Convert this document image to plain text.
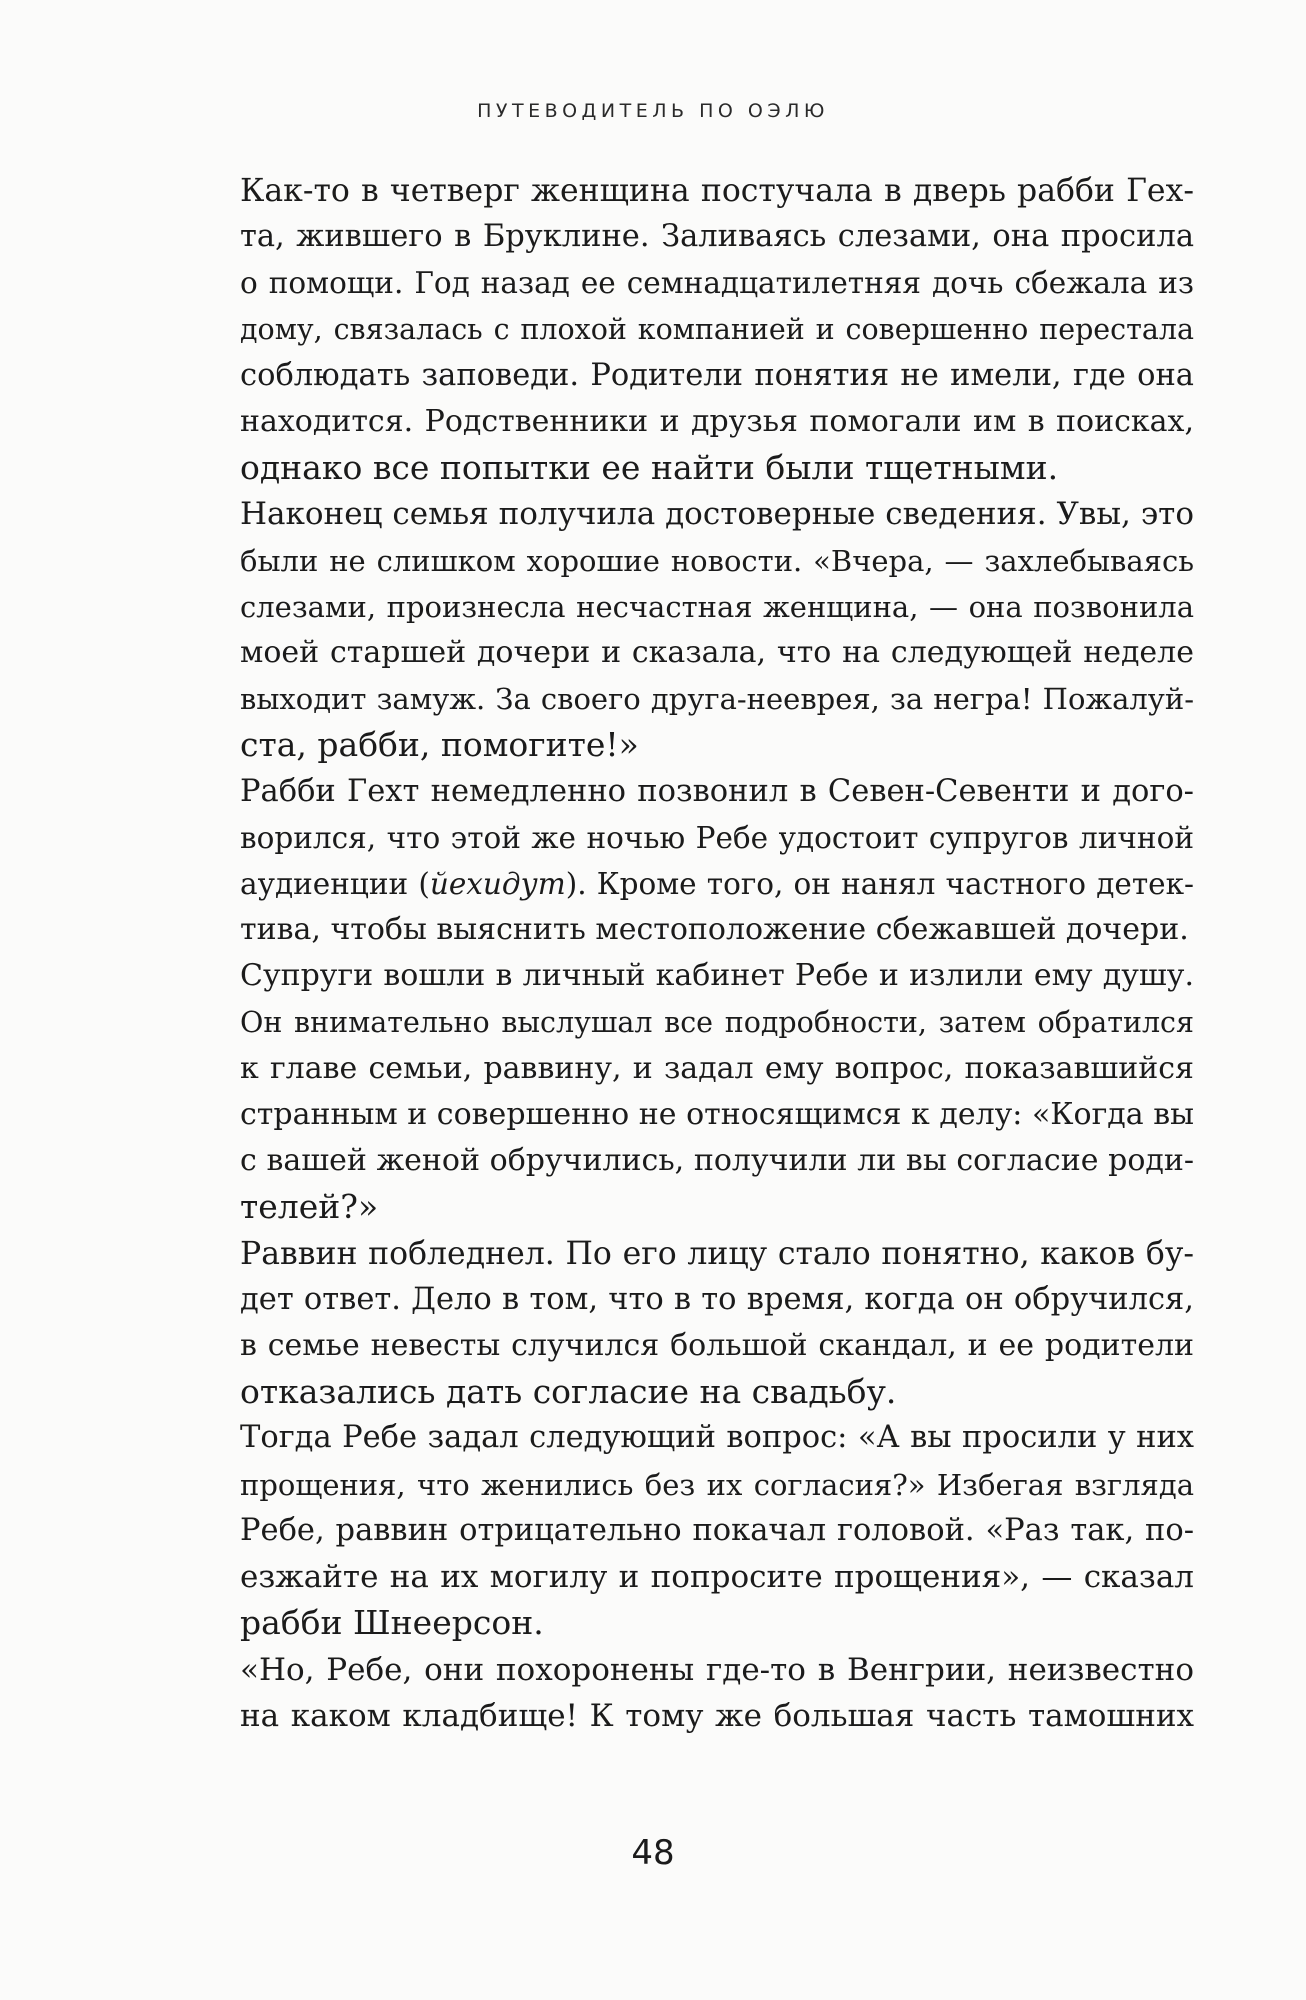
ПУТЕВОДИТЕЛЬ ПО ОЭЛЮ

Как-то в четверг женщина постучала в дверь рабби Гех-
та, жившего в Бруклине. Заливаясь слезами, она просила
о помощи. Год назад ее семнадцатилетняя дочь сбежала из
дому, связалась с плохой компанией и совершенно перестала
соблюдать заповеди. Родители понятия не имели, где она
находится. Родственники и друзья помогали им в поисках,
однако все попытки ее найти были тщетными.

Наконец семья получила достоверные сведения. Увы, это
были не слишком хорошие новости. «Вчера, — захлебываясь
слезами, произнесла несчастная женщина, — она позвонила
моей старшей дочери и сказала, что на следующей неделе
выходит замуж. За своего друга-нееврея, за негра! Пожалуй-
ста, рабби, помогите!»

Рабби Гехт немедленно позвонил в Севен-Севенти и дого-
ворился, что этой же ночью Ребе удостоит супругов личной
аудиенции (йехидут). Кроме того, он нанял частного детек-
тива, чтобы выяснить местоположение сбежавшей дочери.

Супруги вошли в личный кабинет Ребе и излили ему душу.
Он внимательно выслушал все подробности, затем обратился
к главе семьи, раввину, и задал ему вопрос, показавшийся
странным и совершенно не относящимся к делу: «Когда вы
с вашей женой обручились, получили ли вы согласие роди-
телей?»

Раввин побледнел. По его лицу стало понятно, каков бу-
дет ответ. Дело в том, что в то время, когда он обручился,
в семье невесты случился большой скандал, и ее родители
отказались дать согласие на свадьбу.

Тогда Ребе задал следующий вопрос: «А вы просили у них
прощения, что женились без их согласия?» Избегая взгляда
Ребе, раввин отрицательно покачал головой. «Раз так, по-
езжайте на их могилу и попросите прощения», — сказал
рабби Шнеерсон.

«Но, Ребе, они похоронены где-то в Венгрии, неизвестно
на каком кладбище! К тому же большая часть тамошних

48
